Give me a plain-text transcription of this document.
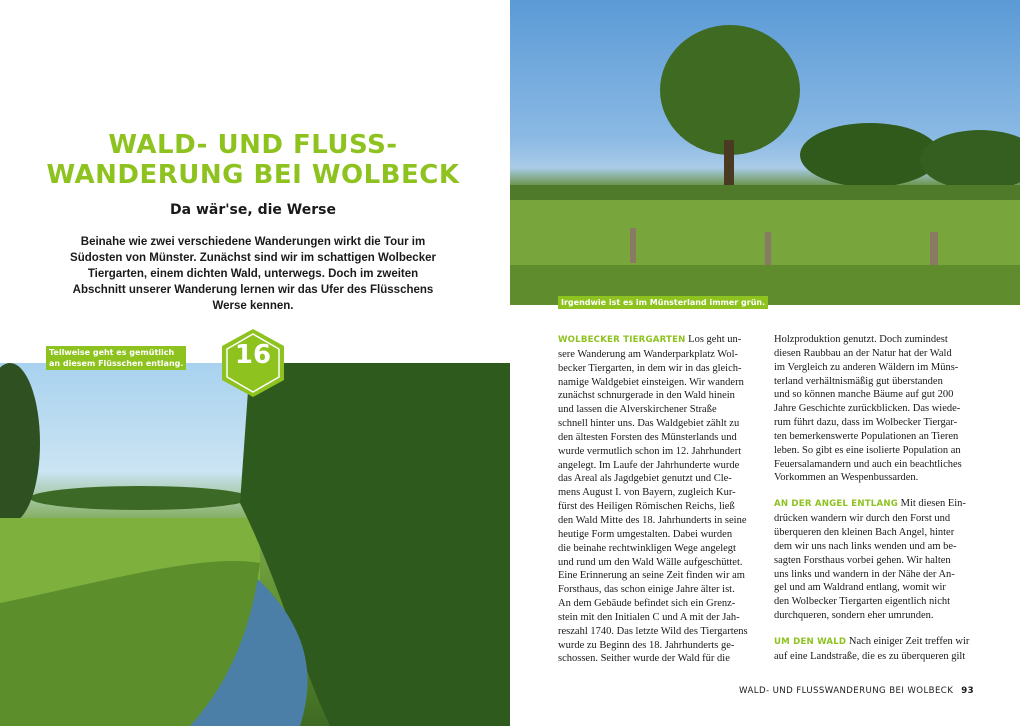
WALD- UND FLUSS-
WANDERUNG BEI WOLBECK
Da wär'se, die Werse
Beinahe wie zwei verschiedene Wanderungen wirkt die Tour im
Südosten von Münster. Zunächst sind wir im schattigen Wolbecker
Tiergarten, einem dichten Wald, unterwegs. Doch im zweiten
Abschnitt unserer Wanderung lernen wir das Ufer des Flüsschens
Werse kennen.	Irgendwie ist es im Münsterland immer grün.
Teilweise geht es gemütlich
an diesem Flüsschen entlang.	16	WOLBECKER TIERGARTEN Los geht un-
sere Wanderung am Wanderparkplatz Wol-
becker Tiergarten, in dem wir in das gleich-
namige Waldgebiet einsteigen. Wir wandern
zunächst schnurgerade in den Wald hinein
und lassen die Alverskirchener Straße
schnell hinter uns. Das Waldgebiet zählt zu
den ältesten Forsten des Münsterlands und
wurde vermutlich schon im 12. Jahrhundert
angelegt. Im Laufe der Jahrhunderte wurde
das Areal als Jagdgebiet genutzt und Cle-
mens August I. von Bayern, zugleich Kur-
fürst des Heiligen Römischen Reichs, ließ
den Wald Mitte des 18. Jahrhunderts in seine
heutige Form umgestalten. Dabei wurden
die beinahe rechtwinkligen Wege angelegt
und rund um den Wald Wälle aufgeschüttet.
Eine Erinnerung an seine Zeit finden wir am
Forsthaus, das schon einige Jahre älter ist.
An dem Gebäude befindet sich ein Grenz-
stein mit den Initialen C und A mit der Jah-
reszahl 1740. Das letzte Wild des Tiergartens
wurde zu Beginn des 18. Jahrhunderts ge-
schossen. Seither wurde der Wald für die
Holzproduktion genutzt. Doch zumindest
diesen Raubbau an der Natur hat der Wald
im Vergleich zu anderen Wäldern im Müns-
terland verhältnismäßig gut überstanden
und so können manche Bäume auf gut 200
Jahre Geschichte zurückblicken. Das wiede-
rum führt dazu, dass im Wolbecker Tiergar-
ten bemerkenswerte Populationen an Tieren
leben. So gibt es eine isolierte Population an
Feuersalamandern und auch ein beachtliches
Vorkommen an Wespenbussarden.
AN DER ANGEL ENTLANG Mit diesen Ein-
drücken wandern wir durch den Forst und
überqueren den kleinen Bach Angel, hinter
dem wir uns nach links wenden und am be-
sagten Forsthaus vorbei gehen. Wir halten
uns links und wandern in der Nähe der An-
gel und am Waldrand entlang, womit wir
den Wolbecker Tiergarten eigentlich nicht
durchqueren, sondern eher umrunden.
UM DEN WALD Nach einiger Zeit treffen wir
auf eine Landstraße, die es zu überqueren gilt
WALD- UND FLUSSWANDERUNG BEI WOLBECK 93
